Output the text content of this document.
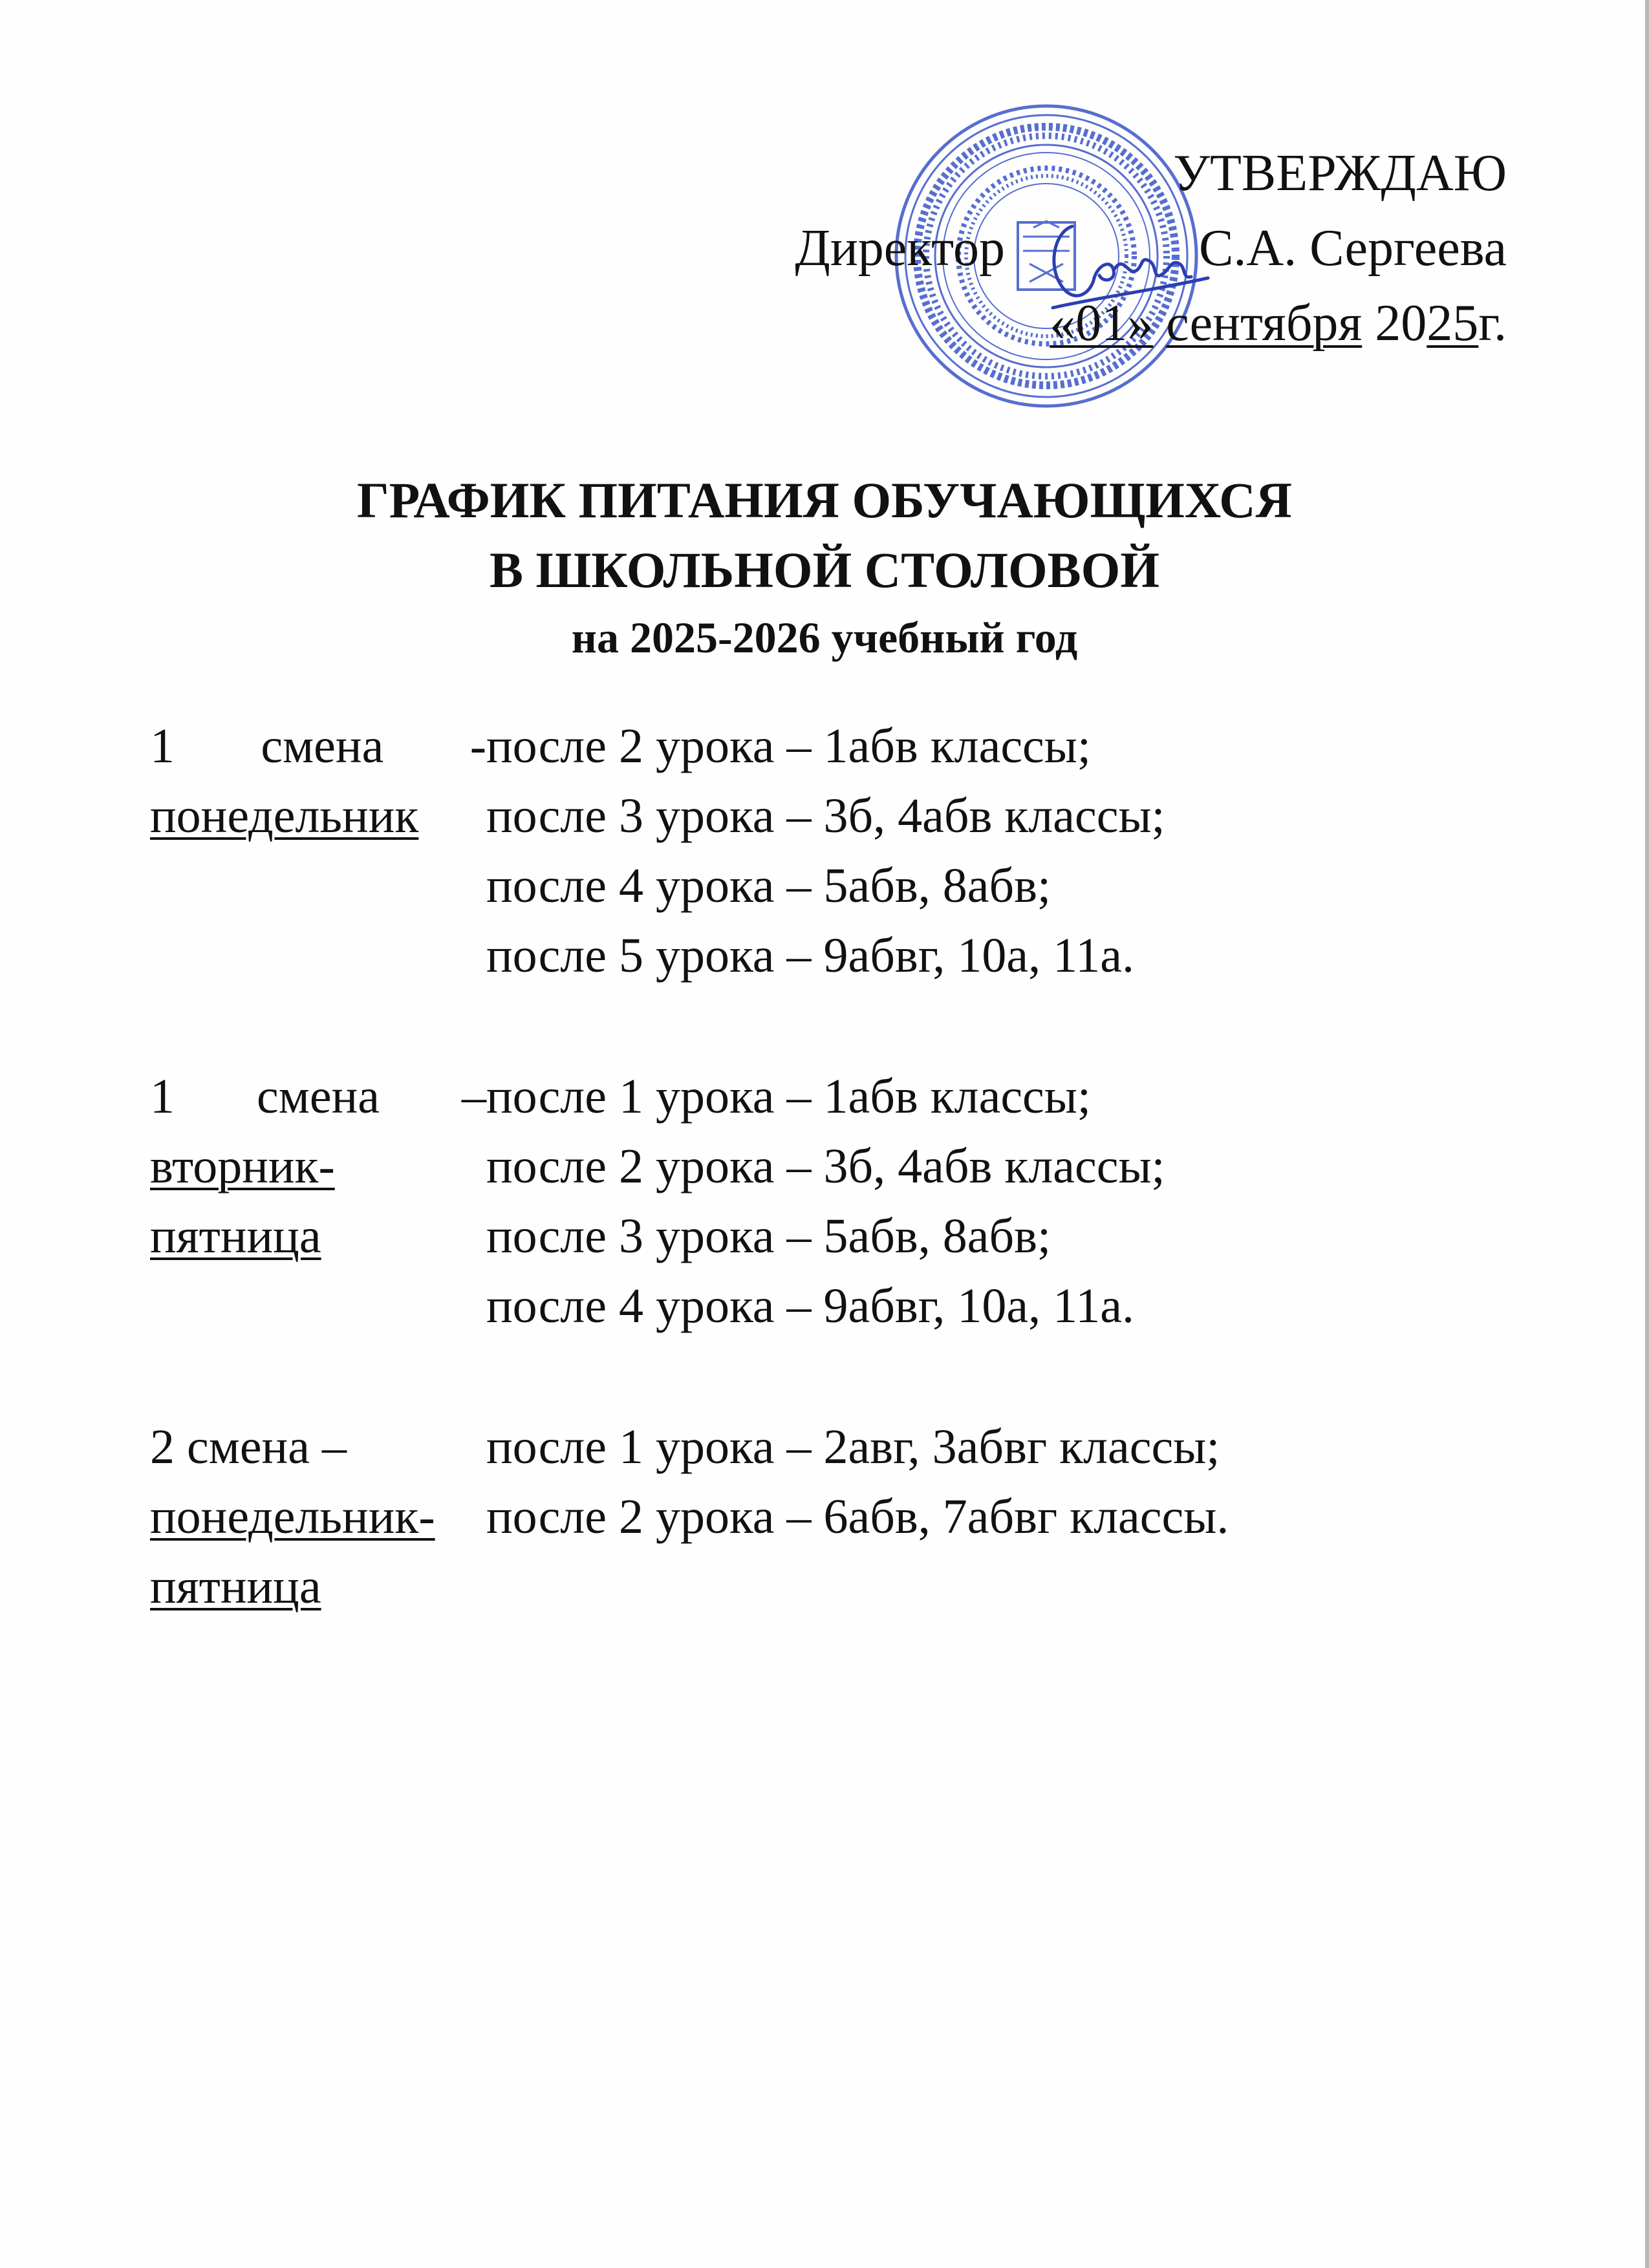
УТВЕРЖДАЮ
Директор	С.А. Сергеева
«01» сентября 2025г.
ГРАФИК ПИТАНИЯ ОБУЧАЮЩИХСЯ
В ШКОЛЬНОЙ СТОЛОВОЙ
на 2025-2026 учебный год
1 смена -
понедельник
после 2 урока – 1абв классы;
после 3 урока – 3б, 4абв классы;
после 4 урока – 5абв, 8абв;
после 5 урока – 9абвг, 10а, 11а.
1 смена –
вторник-
пятница
после 1 урока – 1абв классы;
после 2 урока – 3б, 4абв классы;
после 3 урока – 5абв, 8абв;
после 4 урока – 9абвг, 10а, 11а.
2 смена –
понедельник-
пятница
после 1 урока – 2авг, 3абвг классы;
после 2 урока – 6абв, 7абвг классы.
